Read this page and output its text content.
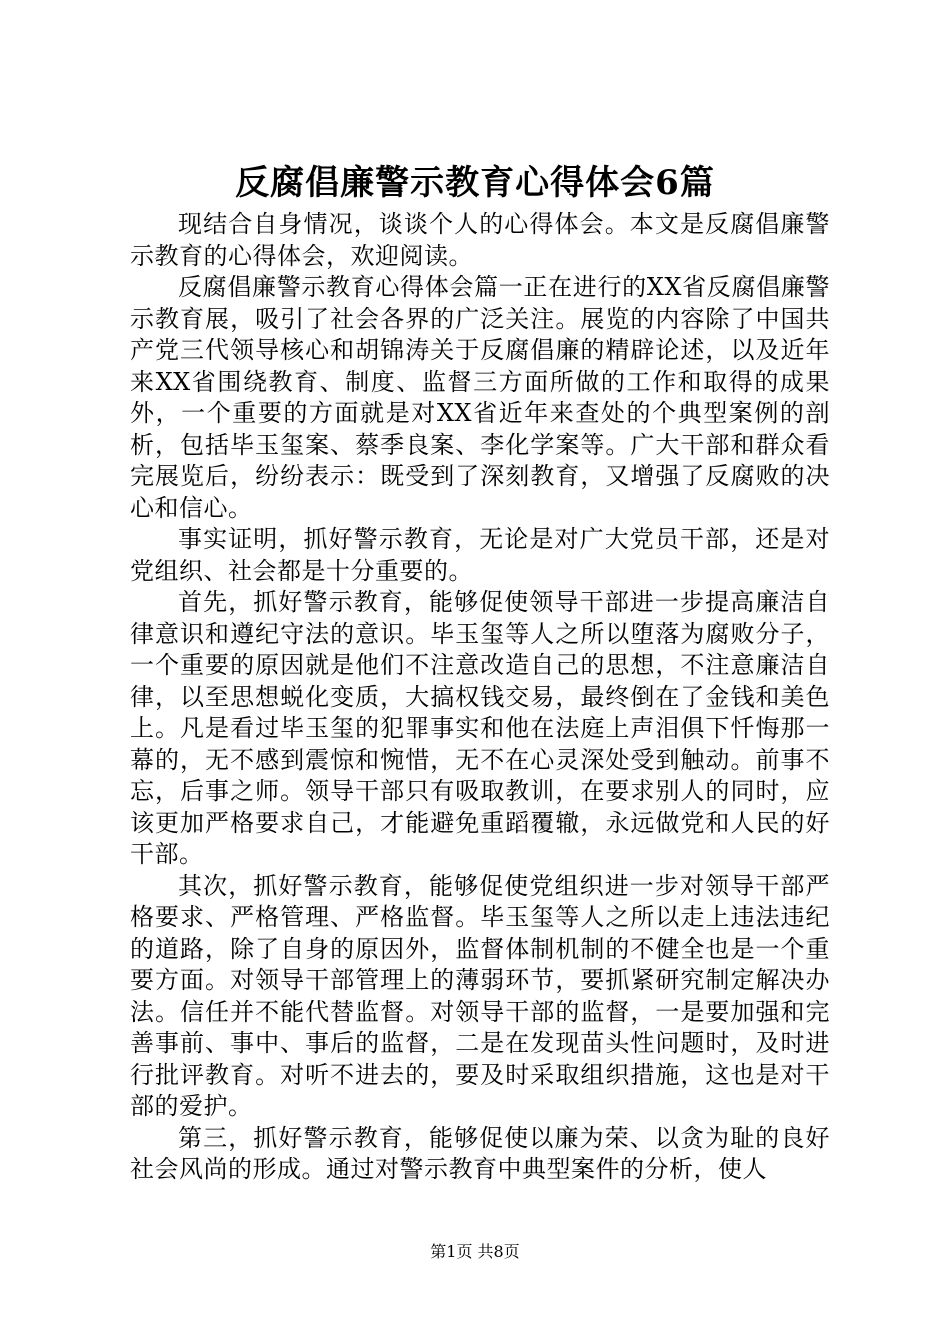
反腐倡廉警示教育心得体会6篇

现结合自身情况，谈谈个人的心得体会。本文是反腐倡廉警示教育的心得体会，欢迎阅读。

反腐倡廉警示教育心得体会篇一正在进行的XX省反腐倡廉警示教育展，吸引了社会各界的广泛关注。展览的内容除了中国共产党三代领导核心和胡锦涛关于反腐倡廉的精辟论述，以及近年来XX省围绕教育、制度、监督三方面所做的工作和取得的成果外，一个重要的方面就是对XX省近年来查处的个典型案例的剖析，包括毕玉玺案、蔡季良案、李化学案等。广大干部和群众看完展览后，纷纷表示：既受到了深刻教育，又增强了反腐败的决心和信心。

事实证明，抓好警示教育，无论是对广大党员干部，还是对党组织、社会都是十分重要的。

首先，抓好警示教育，能够促使领导干部进一步提高廉洁自律意识和遵纪守法的意识。毕玉玺等人之所以堕落为腐败分子，一个重要的原因就是他们不注意改造自己的思想，不注意廉洁自律，以至思想蜕化变质，大搞权钱交易，最终倒在了金钱和美色上。凡是看过毕玉玺的犯罪事实和他在法庭上声泪俱下忏悔那一幕的，无不感到震惊和惋惜，无不在心灵深处受到触动。前事不忘，后事之师。领导干部只有吸取教训，在要求别人的同时，应该更加严格要求自己，才能避免重蹈覆辙，永远做党和人民的好干部。

其次，抓好警示教育，能够促使党组织进一步对领导干部严格要求、严格管理、严格监督。毕玉玺等人之所以走上违法违纪的道路，除了自身的原因外，监督体制机制的不健全也是一个重要方面。对领导干部管理上的薄弱环节，要抓紧研究制定解决办法。信任并不能代替监督。对领导干部的监督，一是要加强和完善事前、事中、事后的监督，二是在发现苗头性问题时，及时进行批评教育。对听不进去的，要及时采取组织措施，这也是对干部的爱护。

第三，抓好警示教育，能够促使以廉为荣、以贪为耻的良好社会风尚的形成。通过对警示教育中典型案件的分析，使人

第1页 共8页
